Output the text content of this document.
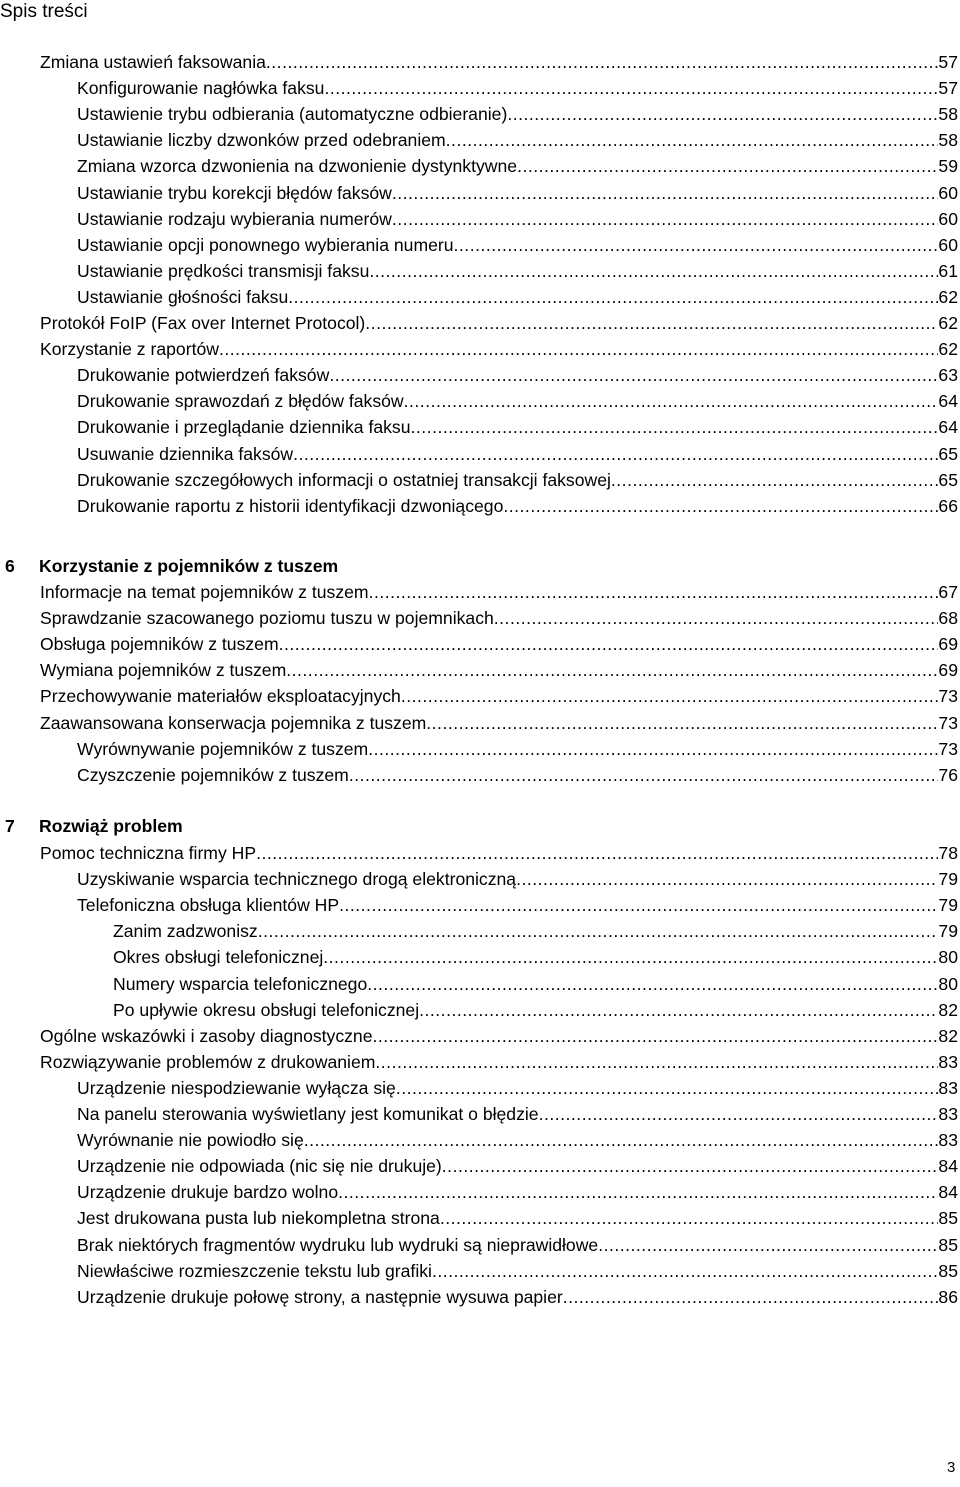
Spis treści
Zmiana ustawień faksowania .....	57
Konfigurowanie nagłówka faksu .....	57
Ustawienie trybu odbierania (automatyczne odbieranie) .....	58
Ustawianie liczby dzwonków przed odebraniem .....	58
Zmiana wzorca dzwonienia na dzwonienie dystynktywne .....	59
Ustawianie trybu korekcji błędów faksów .....	60
Ustawianie rodzaju wybierania numerów .....	60
Ustawianie opcji ponownego wybierania numeru .....	60
Ustawianie prędkości transmisji faksu .....	61
Ustawianie głośności faksu .....	62
Protokół FoIP (Fax over Internet Protocol) .....	62
Korzystanie z raportów .....	62
Drukowanie potwierdzeń faksów .....	63
Drukowanie sprawozdań z błędów faksów .....	64
Drukowanie i przeglądanie dziennika faksu .....	64
Usuwanie dziennika faksów .....	65
Drukowanie szczegółowych informacji o ostatniej transakcji faksowej .....	65
Drukowanie raportu z historii identyfikacji dzwoniącego .....	66
6 Korzystanie z pojemników z tuszem
Informacje na temat pojemników z tuszem .....	67
Sprawdzanie szacowanego poziomu tuszu w pojemnikach .....	68
Obsługa pojemników z tuszem .....	69
Wymiana pojemników z tuszem .....	69
Przechowywanie materiałów eksploatacyjnych .....	73
Zaawansowana konserwacja pojemnika z tuszem .....	73
Wyrównywanie pojemników z tuszem .....	73
Czyszczenie pojemników z tuszem .....	76
7 Rozwiąż problem
Pomoc techniczna firmy HP .....	78
Uzyskiwanie wsparcia technicznego drogą elektroniczną .....	79
Telefoniczna obsługa klientów HP .....	79
Zanim zadzwonisz .....	79
Okres obsługi telefonicznej .....	80
Numery wsparcia telefonicznego .....	80
Po upływie okresu obsługi telefonicznej .....	82
Ogólne wskazówki i zasoby diagnostyczne .....	82
Rozwiązywanie problemów z drukowaniem .....	83
Urządzenie niespodziewanie wyłącza się .....	83
Na panelu sterowania wyświetlany jest komunikat o błędzie .....	83
Wyrównanie nie powiodło się .....	83
Urządzenie nie odpowiada (nic się nie drukuje) .....	84
Urządzenie drukuje bardzo wolno .....	84
Jest drukowana pusta lub niekompletna strona .....	85
Brak niektórych fragmentów wydruku lub wydruki są nieprawidłowe .....	85
Niewłaściwe rozmieszczenie tekstu lub grafiki .....	85
Urządzenie drukuje połowę strony, a następnie wysuwa papier .....	86
3
